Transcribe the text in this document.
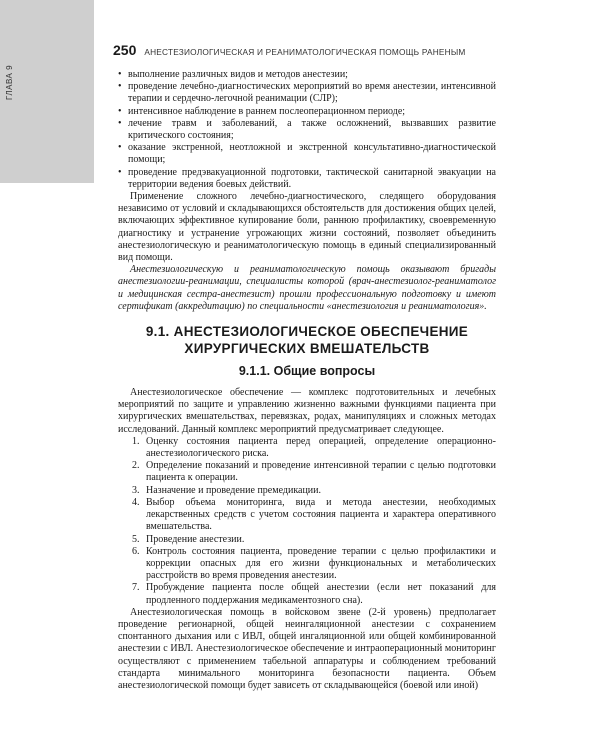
ГЛАВА 9
250 АНЕСТЕЗИОЛОГИЧЕСКАЯ И РЕАНИМАТОЛОГИЧЕСКАЯ ПОМОЩЬ РАНЕНЫМ
• выполнение различных видов и методов анестезии;
• проведение лечебно-диагностических мероприятий во время анестезии, интенсивной терапии и сердечно-легочной реанимации (СЛР);
• интенсивное наблюдение в раннем послеоперационном периоде;
• лечение травм и заболеваний, а также осложнений, вызвавших развитие критического состояния;
• оказание экстренной, неотложной и экстренной консультативно-диагностической помощи;
• проведение предэвакуационной подготовки, тактической санитарной эвакуации на территории ведения боевых действий.

Применение сложного лечебно-диагностического, следящего оборудования независимо от условий и складывающихся обстоятельств для достижения общих целей, включающих эффективное купирование боли, раннюю профилактику, своевременную диагностику и устранение угрожающих жизни состояний, позволяет объединить анестезиологическую и реаниматологическую помощь в единый специализированный вид помощи.

Анестезиологическую и реаниматологическую помощь оказывают бригады анестезиологии-реанимации, специалисты которой (врач-анестезиолог-реаниматолог и медицинская сестра-анестезист) прошли профессиональную подготовку и имеют сертификат (аккредитацию) по специальности «анестезиология и реаниматология».

9.1. АНЕСТЕЗИОЛОГИЧЕСКОЕ ОБЕСПЕЧЕНИЕ
ХИРУРГИЧЕСКИХ ВМЕШАТЕЛЬСТВ
9.1.1. Общие вопросы

Анестезиологическое обеспечение — комплекс подготовительных и лечебных мероприятий по защите и управлению жизненно важными функциями пациента при хирургических вмешательствах, перевязках, родах, манипуляциях и сложных методах исследований. Данный комплекс мероприятий предусматривает следующее.

1. Оценку состояния пациента перед операцией, определение операционно-анестезиологического риска.
2. Определение показаний и проведение интенсивной терапии с целью подготовки пациента к операции.
3. Назначение и проведение премедикации.
4. Выбор объема мониторинга, вида и метода анестезии, необходимых лекарственных средств с учетом состояния пациента и характера оперативного вмешательства.
5. Проведение анестезии.
6. Контроль состояния пациента, проведение терапии с целью профилактики и коррекции опасных для его жизни функциональных и метаболических расстройств во время проведения анестезии.
7. Пробуждение пациента после общей анестезии (если нет показаний для продленного поддержания медикаментозного сна).

Анестезиологическая помощь в войсковом звене (2-й уровень) предполагает проведение регионарной, общей неингаляционной анестезии с сохранением спонтанного дыхания или с ИВЛ, общей ингаляционной или общей комбинированной анестезии с ИВЛ. Анестезиологическое обеспечение и интраоперационный мониторинг осуществляют с применением табельной аппаратуры и соблюдением требований стандарта минимального мониторинга безопасности пациента. Объем анестезиологической помощи будет зависеть от складывающейся (боевой или иной)
